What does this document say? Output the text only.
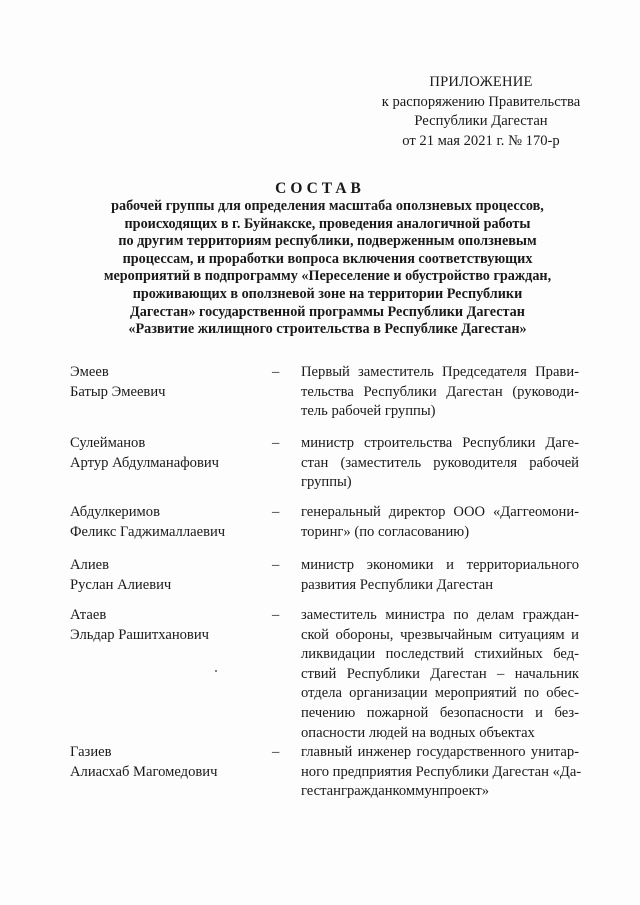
ПРИЛОЖЕНИЕ
к распоряжению Правительства
Республики Дагестан
от 21 мая 2021 г. № 170-р
СОСТАВ
рабочей группы для определения масштаба оползневых процессов,
происходящих в г. Буйнакске, проведения аналогичной работы
по другим территориям республики, подверженным оползневым
процессам, и проработки вопроса включения соответствующих
мероприятий в подпрограмму «Переселение и обустройство граждан,
проживающих в оползневой зоне на территории Республики
Дагестан» государственной программы Республики Дагестан
«Развитие жилищного строительства в Республике Дагестан»
Эмеев
Батыр Эмеевич
–	Первый заместитель Председателя Прави-
тельства Республики Дагестан (руководи-
тель рабочей группы)
Сулейманов
Артур Абдулманафович
–	министр строительства Республики Даге-
стан (заместитель руководителя рабочей
группы)
Абдулкеримов
Феликс Гаджималлаевич
–	генеральный директор ООО «Даггеомони-
торинг» (по согласованию)
Алиев
Руслан Алиевич
–	министр экономики и территориального
развития Республики Дагестан
Атаев
Эльдар Рашитханович
–	заместитель министра по делам граждан-
ской обороны, чрезвычайным ситуациям и
ликвидации последствий стихийных бед-
ствий Республики Дагестан – начальник
отдела организации мероприятий по обес-
печению пожарной безопасности и без-
опасности людей на водных объектах
Газиев
Алиасхаб Магомедович
–	главный инженер государственного унитар-
ного предприятия Республики Дагестан «Да-
гестангражданкоммунпроект»
